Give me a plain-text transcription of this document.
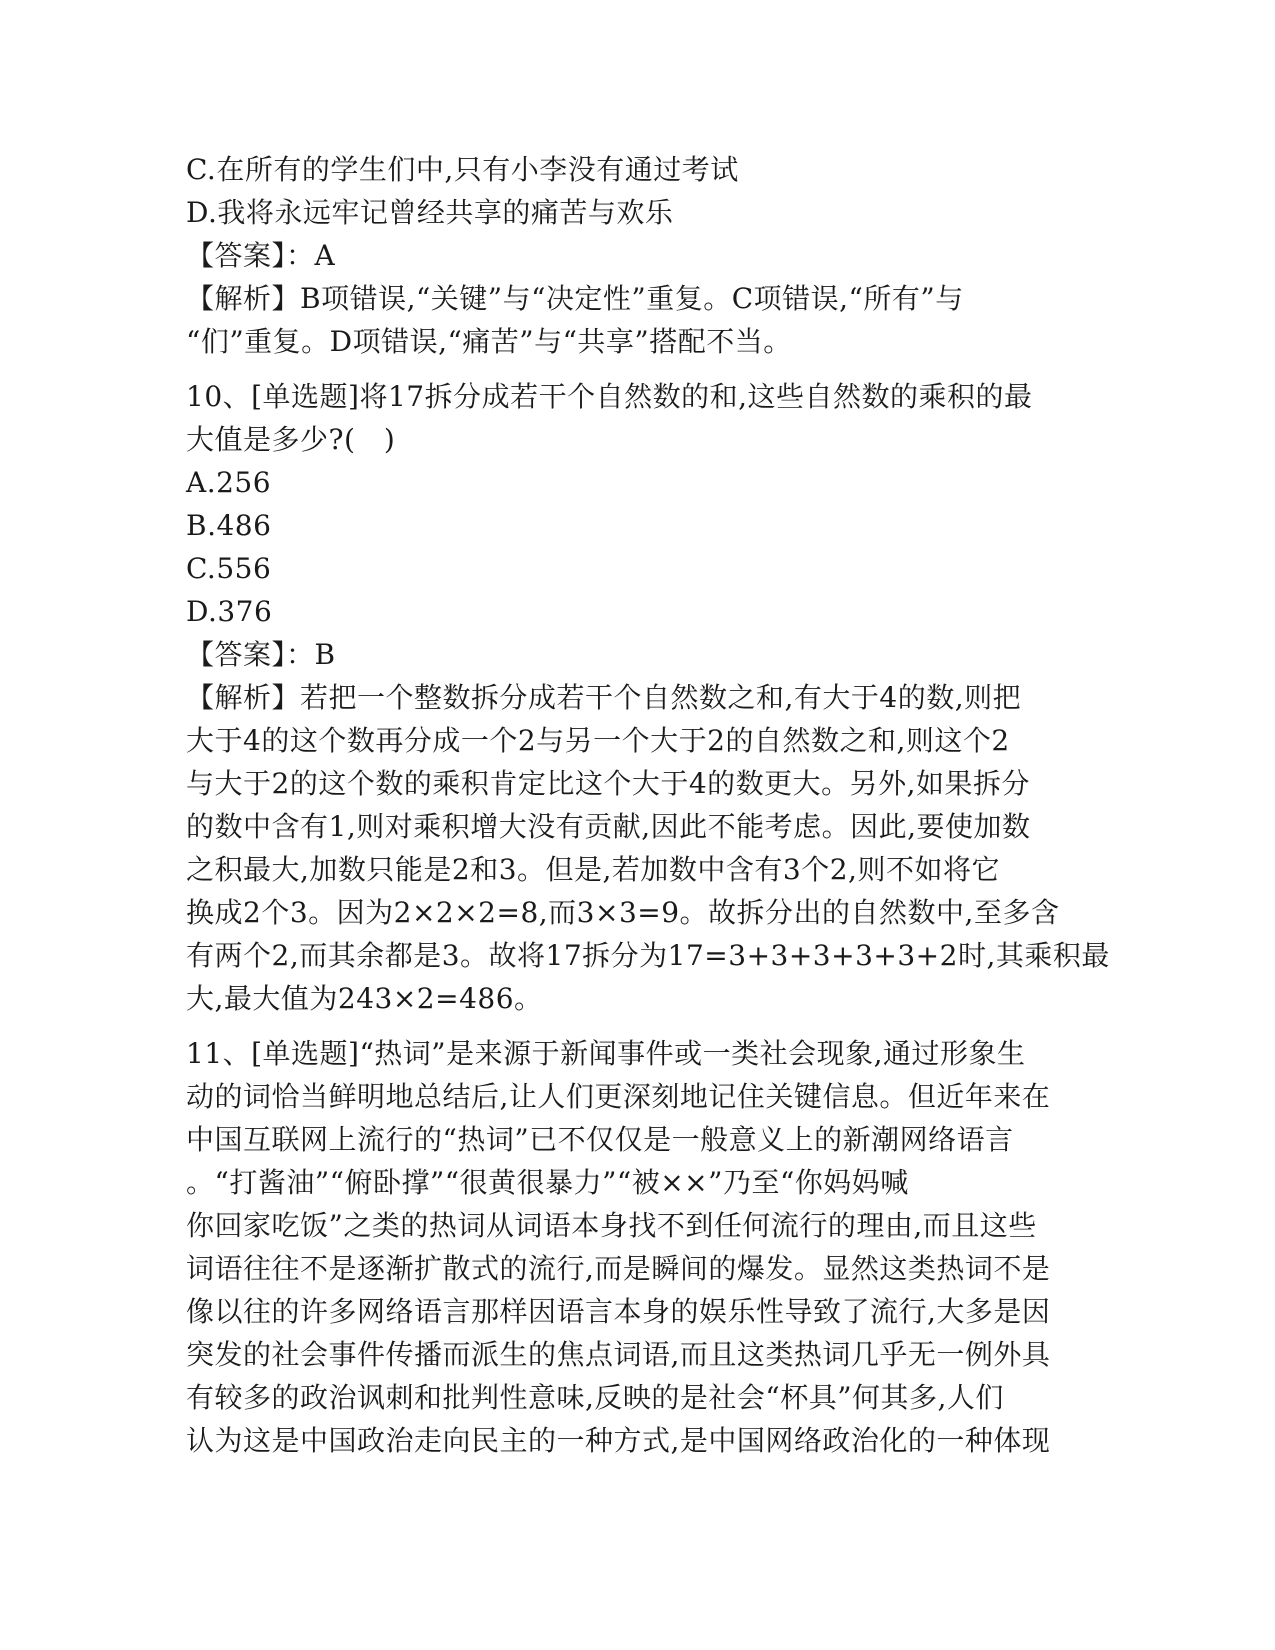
C.在所有的学生们中,只有小李没有通过考试
D.我将永远牢记曾经共享的痛苦与欢乐
【答案】：A
【解析】B项错误,“关键”与“决定性”重复。C项错误,“所有”与
“们”重复。D项错误,“痛苦”与“共享”搭配不当。
10、[单选题]将17拆分成若干个自然数的和,这些自然数的乘积的最
大值是多少?(　)
A.256
B.486
C.556
D.376
【答案】：B
【解析】若把一个整数拆分成若干个自然数之和,有大于4的数,则把
大于4的这个数再分成一个2与另一个大于2的自然数之和,则这个2
与大于2的这个数的乘积肯定比这个大于4的数更大。另外,如果拆分
的数中含有1,则对乘积增大没有贡献,因此不能考虑。因此,要使加数
之积最大,加数只能是2和3。但是,若加数中含有3个2,则不如将它
换成2个3。因为2×2×2=8,而3×3=9。故拆分出的自然数中,至多含
有两个2,而其余都是3。故将17拆分为17=3+3+3+3+3+2时,其乘积最
大,最大值为243×2=486。
11、[单选题]“热词”是来源于新闻事件或一类社会现象,通过形象生
动的词恰当鲜明地总结后,让人们更深刻地记住关键信息。但近年来在
中国互联网上流行的“热词”已不仅仅是一般意义上的新潮网络语言
。“打酱油”“俯卧撑”“很黄很暴力”“被××”乃至“你妈妈喊
你回家吃饭”之类的热词从词语本身找不到任何流行的理由,而且这些
词语往往不是逐渐扩散式的流行,而是瞬间的爆发。显然这类热词不是
像以往的许多网络语言那样因语言本身的娱乐性导致了流行,大多是因
突发的社会事件传播而派生的焦点词语,而且这类热词几乎无一例外具
有较多的政治讽刺和批判性意味,反映的是社会“杯具”何其多,人们
认为这是中国政治走向民主的一种方式,是中国网络政治化的一种体现
